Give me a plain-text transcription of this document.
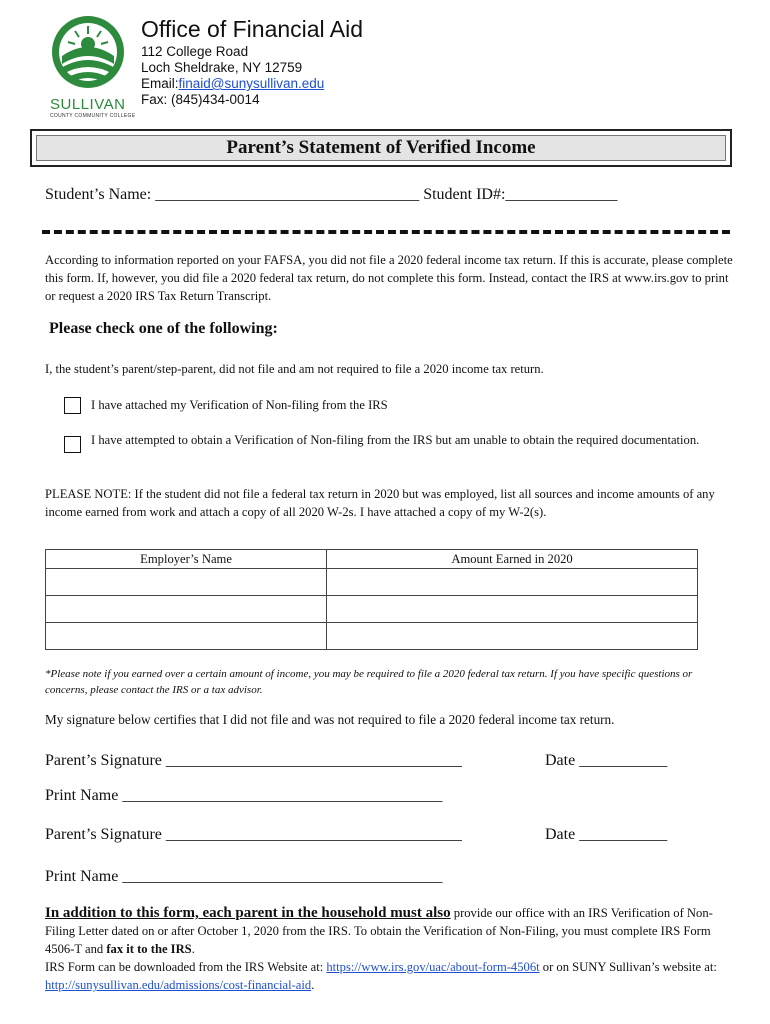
SULLIVAN
COUNTY COMMUNITY COLLEGE
Office of Financial Aid
112 College Road
Loch Sheldrake, NY 12759
Email:finaid@sunysullivan.edu
Fax: (845)434-0014
Parent’s Statement of Verified Income
Student’s Name: _________________________________ Student ID#:______________
According to information reported on your FAFSA, you did not file a 2020 federal income tax return. If this is accurate, please complete this form. If, however, you did file a 2020 federal tax return, do not complete this form. Instead, contact the IRS at www.irs.gov to print or request a 2020 IRS Tax Return Transcript.
Please check one of the following:
I, the student’s parent/step-parent, did not file and am not required to file a 2020 income tax return.
I have attached my Verification of Non-filing from the IRS
I have attempted to obtain a Verification of Non-filing from the IRS but am unable to obtain the required documentation.
PLEASE NOTE: If the student did not file a federal tax return in 2020 but was employed, list all sources and income amounts of any income earned from work and attach a copy of all 2020 W-2s. I have attached a copy of my W-2(s).
Employer’s Name	Amount Earned in 2020

*Please note if you earned over a certain amount of income, you may be required to file a 2020 federal tax return. If you have specific questions or concerns, please contact the IRS or a tax advisor.
My signature below certifies that I did not file and was not required to file a 2020 federal income tax return.
Parent’s Signature _____________________________________	Date ___________
Print Name ________________________________________
Parent’s Signature _____________________________________	Date ___________
Print Name ________________________________________
In addition to this form, each parent in the household must also provide our office with an IRS Verification of Non-Filing Letter dated on or after October 1, 2020 from the IRS. To obtain the Verification of Non-Filing, you must complete IRS Form 4506-T and fax it to the IRS.
IRS Form can be downloaded from the IRS Website at: https://www.irs.gov/uac/about-form-4506t or on SUNY Sullivan’s website at: http://sunysullivan.edu/admissions/cost-financial-aid.
